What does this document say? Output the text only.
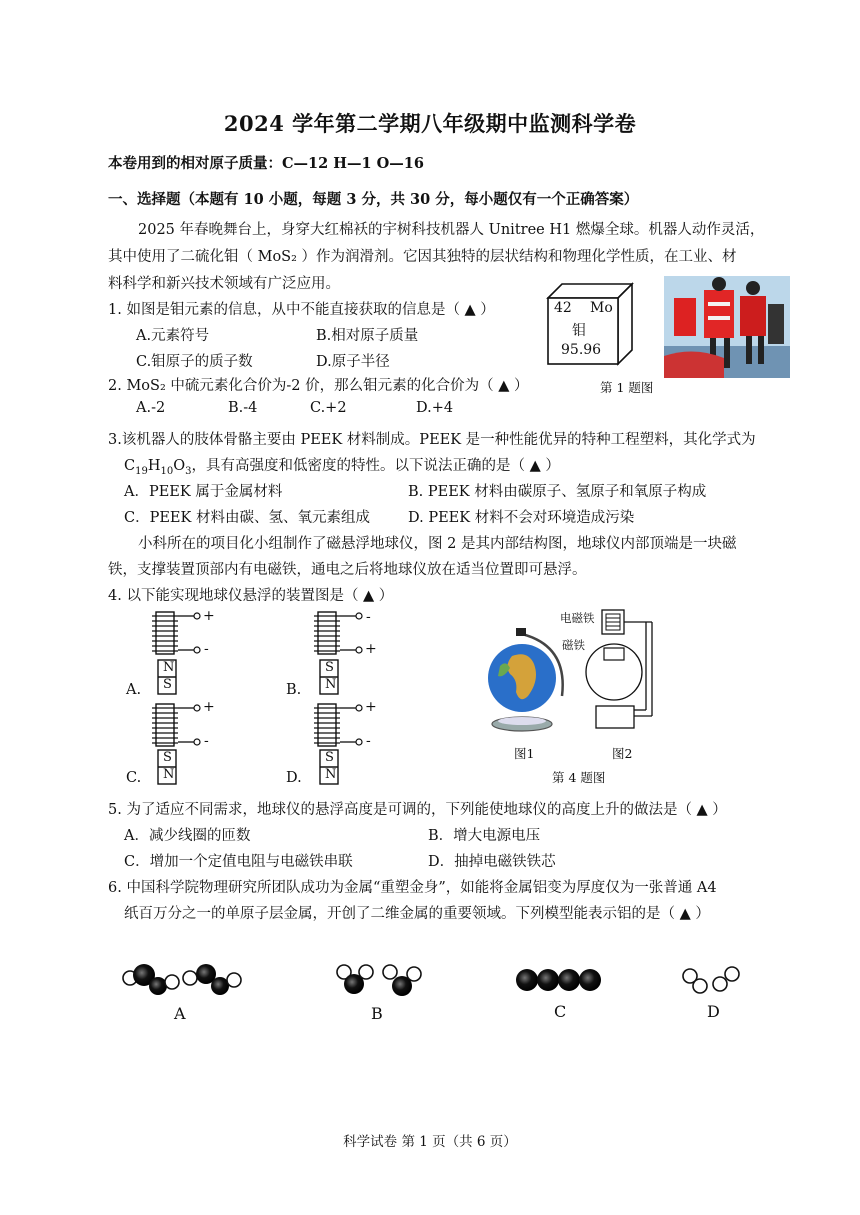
2024 学年第二学期八年级期中监测科学卷
本卷用到的相对原子质量：C—12 H—1 O—16
一、选择题（本题有 10 小题，每题 3 分，共 30 分，每小题仅有一个正确答案）
2025 年春晚舞台上，身穿大红棉袄的宇树科技机器人 Unitree H1 燃爆全球。机器人动作灵活，
其中使用了二硫化钼（ MoS₂ ）作为润滑剂。它因其独特的层状结构和物理化学性质，在工业、材
料科学和新兴技术领域有广泛应用。
1. 如图是钼元素的信息，从中不能直接获取的信息是（ ▲ ）
A.元素符号	B.相对原子质量
C.钼原子的质子数	D.原子半径
42 Mo
钼
95.96
第 1 题图
2. MoS₂ 中硫元素化合价为-2 价，那么钼元素的化合价为（ ▲ ）
A.-2	B.-4	C.+2	D.+4
3.该机器人的肢体骨骼主要由 PEEK 材料制成。PEEK 是一种性能优异的特种工程塑料，其化学式为
$C_{19}H_{10}O_3$，具有高强度和低密度的特性。以下说法正确的是（ ▲ ）
A．PEEK 属于金属材料	B. PEEK 材料由碳原子、氢原子和氧原子构成
C．PEEK 材料由碳、氢、氧元素组成	D. PEEK 材料不会对环境造成污染
小科所在的项目化小组制作了磁悬浮地球仪，图 2 是其内部结构图，地球仪内部顶端是一块磁
铁，支撑装置顶部内有电磁铁，通电之后将地球仪放在适当位置即可悬浮。
4. 以下能实现地球仪悬浮的装置图是（ ▲ ）
+
-
N
S
A.
-
+
S
N
B.
+
-
S
N
C.
+
-
S
N
D.
图1
电磁铁
磁铁
图2
第 4 题图
5. 为了适应不同需求，地球仪的悬浮高度是可调的，下列能使地球仪的高度上升的做法是（ ▲ ）
A．减少线圈的匝数	B．增大电源电压
C．增加一个定值电阻与电磁铁串联	D．抽掉电磁铁铁芯
6. 中国科学院物理研究所团队成功为金属“重塑金身”，如能将金属铝变为厚度仅为一张普通 A4
纸百万分之一的单原子层金属，开创了二维金属的重要领域。下列模型能表示铝的是（ ▲ ）
A	B	C	D
科学试卷 第 1 页（共 6 页）
